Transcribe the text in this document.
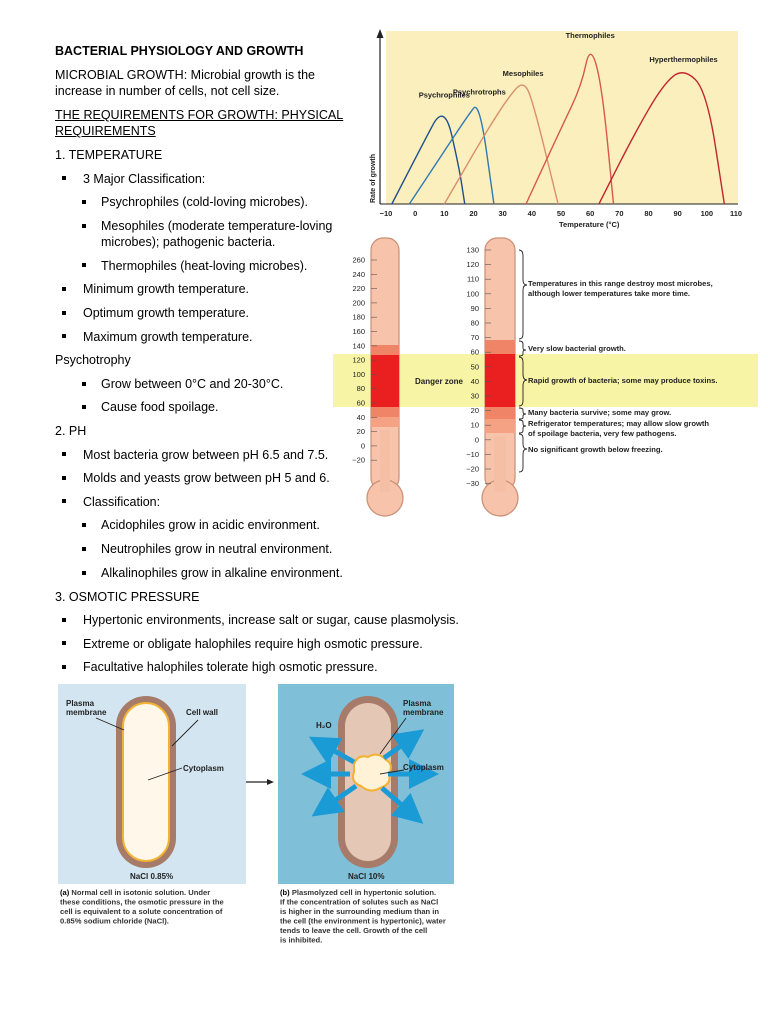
BACTERIAL PHYSIOLOGY AND GROWTH
MICROBIAL GROWTH: Microbial growth is the
increase in number of cells, not cell size.
THE REQUIREMENTS FOR GROWTH: PHYSICAL
REQUIREMENTS
1. TEMPERATURE
3 Major Classification:
Psychrophiles (cold-loving microbes).
Mesophiles (moderate temperature-loving
microbes); pathogenic bacteria.
Thermophiles (heat-loving microbes).
Minimum growth temperature.
Optimum growth temperature.
Maximum growth temperature.
Psychotrophy
Grow between 0°C and 20-30°C.
Cause food spoilage.
2. PH
Most bacteria grow between pH 6.5 and 7.5.
Molds and yeasts grow between pH 5 and 6.
Classification:
Acidophiles grow in acidic environment.
Neutrophiles grow in neutral environment.
Alkalinophiles grow in alkaline environment.
3. OSMOTIC PRESSURE
Hypertonic environments, increase salt or sugar, cause plasmolysis.
Extreme or obligate halophiles require high osmotic pressure.
Facultative halophiles tolerate high osmotic pressure.
Rate of growth
Temperature (°C)
−10	0	10	20	30	40	50	60	70	80	90 100 110
Psychrophiles
Psychrotrophs
Mesophiles
Thermophiles
Hyperthermophiles
260
240
220
200
180
160
140
120
100
80
60
40
20
0
−20
130
120
110
100
90
80
70
60
50
40
30
20
10
0
−10
−20
−30
Danger zone
Temperatures in this range destroy most microbes,
although lower temperatures take more time.
Very slow bacterial growth.
Rapid growth of bacteria; some may produce toxins.
Many bacteria survive; some may grow.
Refrigerator temperatures; may allow slow growth
of spoilage bacteria, very few pathogens.
No significant growth below freezing.
Plasma membrane	Cell wall
Cytoplasm
NaCl 0.85%
H₂O
Plasma membrane
Cytoplasm
NaCl 10%
(a) Normal cell in isotonic solution. Under
these conditions, the osmotic pressure in the
cell is equivalent to a solute concentration of
0.85% sodium chloride (NaCl).
(b) Plasmolyzed cell in hypertonic solution.
If the concentration of solutes such as NaCl
is higher in the surrounding medium than in
the cell (the environment is hypertonic), water
tends to leave the cell. Growth of the cell
is inhibited.
